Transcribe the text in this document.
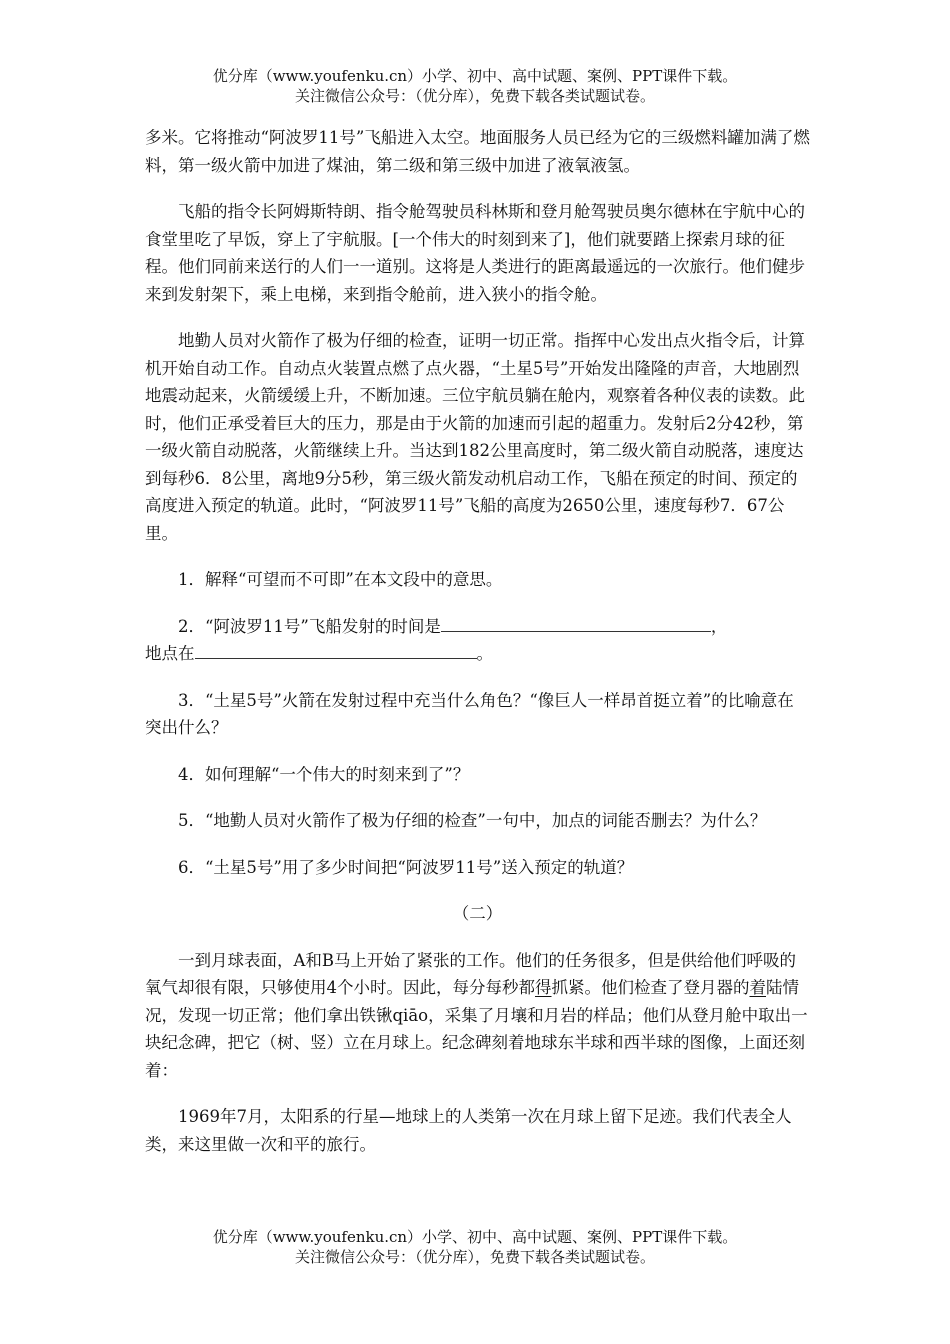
优分库（www.youfenku.cn）小学、初中、高中试题、案例、PPT课件下载。
关注微信公众号：（优分库），免费下载各类试题试卷。

多米。它将推动“阿波罗11号”飞船进入太空。地面服务人员已经为它的三级燃料罐加满了燃料，第一级火箭中加进了煤油，第二级和第三级中加进了液氧液氢。

飞船的指令长阿姆斯特朗、指令舱驾驶员科林斯和登月舱驾驶员奥尔德林在宇航中心的食堂里吃了早饭，穿上了宇航服。[一个伟大的时刻到来了]，他们就要踏上探索月球的征程。他们同前来送行的人们一一道别。这将是人类进行的距离最遥远的一次旅行。他们健步来到发射架下，乘上电梯，来到指令舱前，进入狭小的指令舱。

地勤人员对火箭作了极为仔细的检查，证明一切正常。指挥中心发出点火指令后，计算机开始自动工作。自动点火装置点燃了点火器，“土星5号”开始发出隆隆的声音，大地剧烈地震动起来，火箭缓缓上升，不断加速。三位宇航员躺在舱内，观察着各种仪表的读数。此时，他们正承受着巨大的压力，那是由于火箭的加速而引起的超重力。发射后2分42秒，第一级火箭自动脱落，火箭继续上升。当达到182公里高度时，第二级火箭自动脱落，速度达到每秒6．8公里，离地9分5秒，第三级火箭发动机启动工作，飞船在预定的时间、预定的高度进入预定的轨道。此时，“阿波罗11号”飞船的高度为2650公里，速度每秒7．67公里。

1．解释“可望而不可即”在本文段中的意思。

2．“阿波罗11号”飞船发射的时间是	，
地点在	。

3．“土星5号”火箭在发射过程中充当什么角色？“像巨人一样昂首挺立着”的比喻意在突出什么？

4．如何理解“一个伟大的时刻来到了”？

5．“地勤人员对火箭作了极为仔细的检查”一句中，加点的词能否删去？为什么？

6．“土星5号”用了多少时间把“阿波罗11号”送入预定的轨道？

（二）

一到月球表面，A和B马上开始了紧张的工作。他们的任务很多，但是供给他们呼吸的氧气却很有限，只够使用4个小时。因此，每分每秒都得抓紧。他们检查了登月器的着陆情况，发现一切正常；他们拿出铁锹qiāo，采集了月壤和月岩的样品；他们从登月舱中取出一块纪念碑，把它（树、竖）立在月球上。纪念碑刻着地球东半球和西半球的图像，上面还刻着：

1969年7月，太阳系的行星—地球上的人类第一次在月球上留下足迹。我们代表全人类，来这里做一次和平的旅行。

优分库（www.youfenku.cn）小学、初中、高中试题、案例、PPT课件下载。
关注微信公众号：（优分库），免费下载各类试题试卷。
